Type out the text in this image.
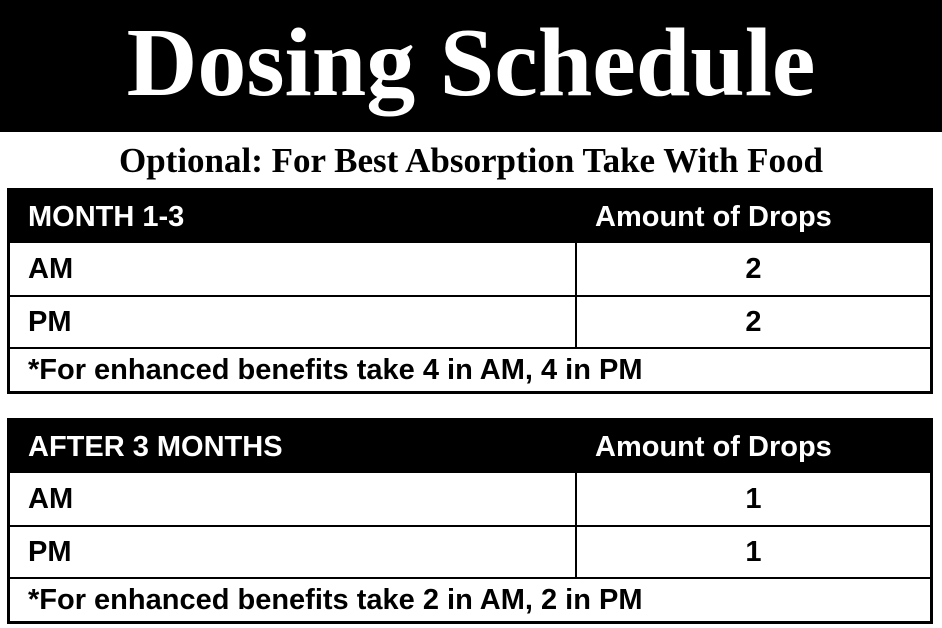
Dosing Schedule
Optional: For Best Absorption Take With Food
MONTH 1-3	Amount of Drops
AM	2
PM	2
*For enhanced benefits take 4 in AM, 4 in PM
AFTER 3 MONTHS	Amount of Drops
AM	1
PM	1
*For enhanced benefits take 2 in AM, 2 in PM
